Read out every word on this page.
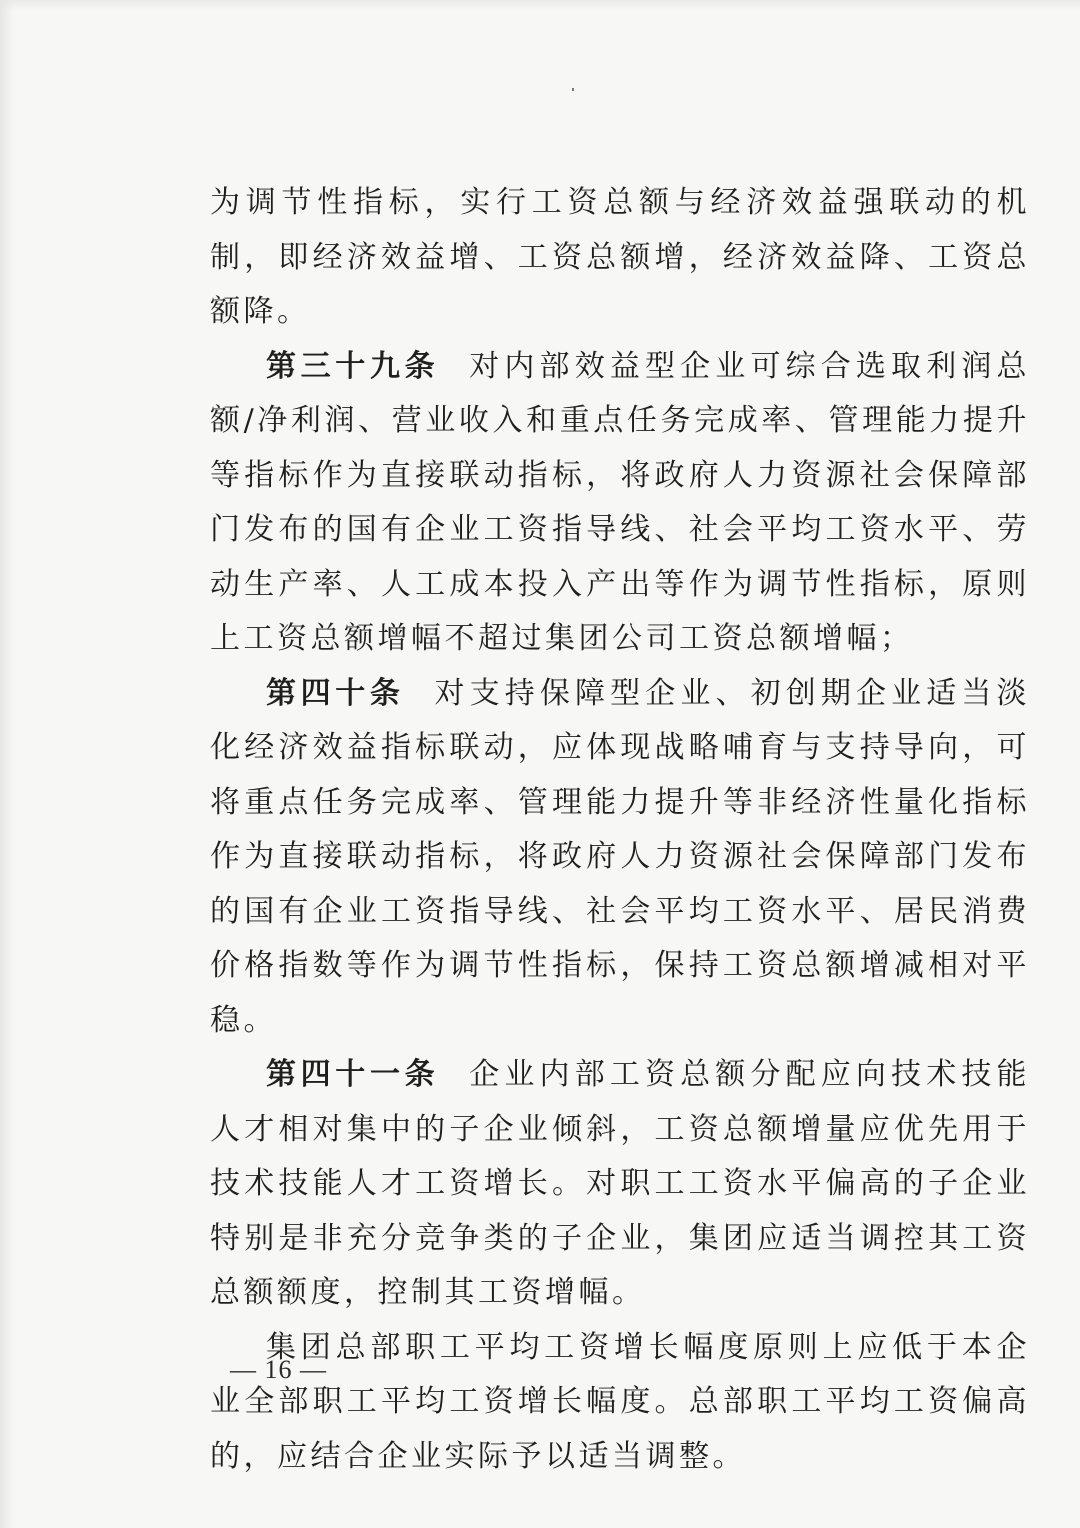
为调节性指标，实行工资总额与经济效益强联动的机制，即经济效益增、工资总额增，经济效益降、工资总额降。

第三十九条 对内部效益型企业可综合选取利润总额/净利润、营业收入和重点任务完成率、管理能力提升等指标作为直接联动指标，将政府人力资源社会保障部门发布的国有企业工资指导线、社会平均工资水平、劳动生产率、人工成本投入产出等作为调节性指标，原则上工资总额增幅不超过集团公司工资总额增幅；

第四十条 对支持保障型企业、初创期企业适当淡化经济效益指标联动，应体现战略哺育与支持导向，可将重点任务完成率、管理能力提升等非经济性量化指标作为直接联动指标，将政府人力资源社会保障部门发布的国有企业工资指导线、社会平均工资水平、居民消费价格指数等作为调节性指标，保持工资总额增减相对平稳。

第四十一条 企业内部工资总额分配应向技术技能人才相对集中的子企业倾斜，工资总额增量应优先用于技术技能人才工资增长。对职工工资水平偏高的子企业特别是非充分竞争类的子企业，集团应适当调控其工资总额额度，控制其工资增幅。

集团总部职工平均工资增长幅度原则上应低于本企业全部职工平均工资增长幅度。总部职工平均工资偏高的，应结合企业实际予以适当调整。

— 16 —
